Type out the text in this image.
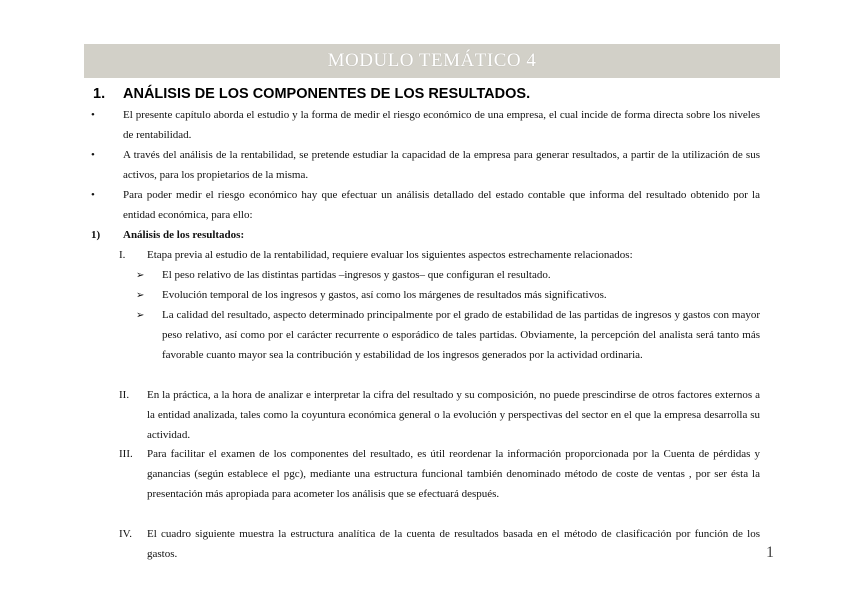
MODULO TEMÁTICO 4
1. ANÁLISIS DE LOS COMPONENTES DE LOS RESULTADOS.
•	El presente capítulo aborda el estudio y la forma de medir el riesgo económico de una empresa, el cual incide de forma directa sobre los niveles de rentabilidad.
•	A través del análisis de la rentabilidad, se pretende estudiar la capacidad de la empresa para generar resultados, a partir de la utilización de sus activos, para los propietarios de la misma.
•	Para poder medir el riesgo económico hay que efectuar un análisis detallado del estado contable que informa del resultado obtenido por la entidad económica, para ello:
1) Análisis de los resultados:
I. Etapa previa al estudio de la rentabilidad, requiere evaluar los siguientes aspectos estrechamente relacionados:
➢ El peso relativo de las distintas partidas –ingresos y gastos– que configuran el resultado.
➢ Evolución temporal de los ingresos y gastos, así como los márgenes de resultados más significativos.
➢ La calidad del resultado, aspecto determinado principalmente por el grado de estabilidad de las partidas de ingresos y gastos con mayor peso relativo, así como por el carácter recurrente o esporádico de tales partidas. Obviamente, la percepción del analista será tanto más favorable cuanto mayor sea la contribución y estabilidad de los ingresos generados por la actividad ordinaria.
II. En la práctica, a la hora de analizar e interpretar la cifra del resultado y su composición, no puede prescindirse de otros factores externos a la entidad analizada, tales como la coyuntura económica general o la evolución y perspectivas del sector en el que la empresa desarrolla su actividad.
III. Para facilitar el examen de los componentes del resultado, es útil reordenar la información proporcionada por la Cuenta de pérdidas y ganancias (según establece el pgc), mediante una estructura funcional también denominado método de coste de ventas , por ser ésta la presentación más apropiada para acometer los análisis que se efectuará después.
IV. El cuadro siguiente muestra la estructura analítica de la cuenta de resultados basada en el método de clasificación por función de los gastos.	1
